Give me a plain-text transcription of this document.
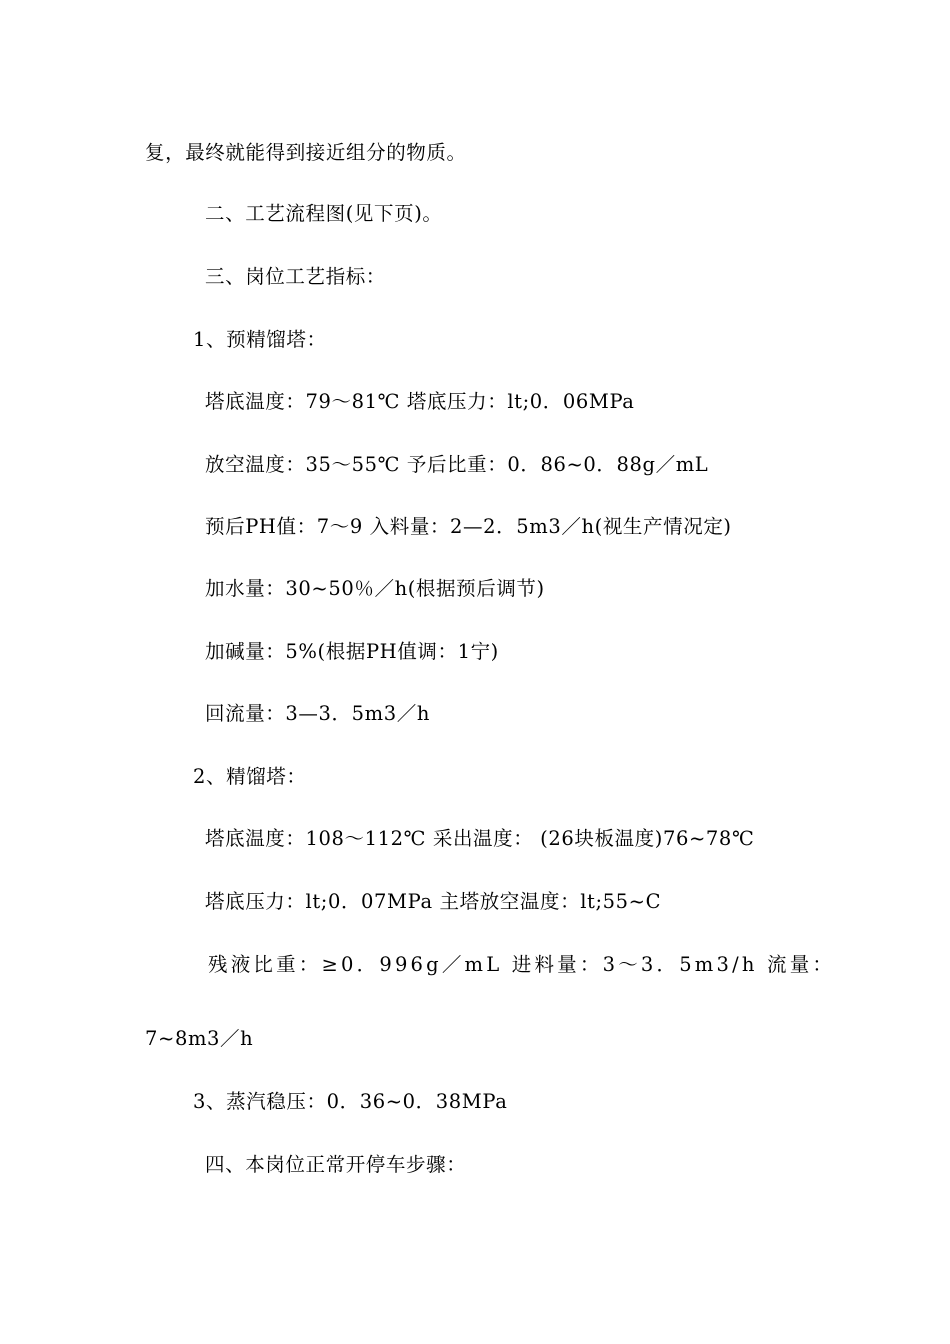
复，最终就能得到接近组分的物质。
二、工艺流程图(见下页)。
三、岗位工艺指标：
1、预精馏塔：
塔底温度：79～81℃ 塔底压力：lt;0．06MPa
放空温度：35～55℃ 予后比重：0．86~0．88g／mL
预后PH值：7～9 入料量：2—2．5m3／h(视生产情况定)
加水量：30~50％／h(根据预后调节)
加碱量：5%(根据PH值调：1宁)
回流量：3—3．5m3／h
2、精馏塔：
塔底温度：108～112℃ 采出温度： (26块板温度)76~78℃
塔底压力：lt;0．07MPa 主塔放空温度：lt;55~C
残液比重：≥0．996g／mL 进料量：3～3．5m3/h 流量：
7~8m3／h
3、蒸汽稳压：0．36~0．38MPa
四、本岗位正常开停车步骤：
